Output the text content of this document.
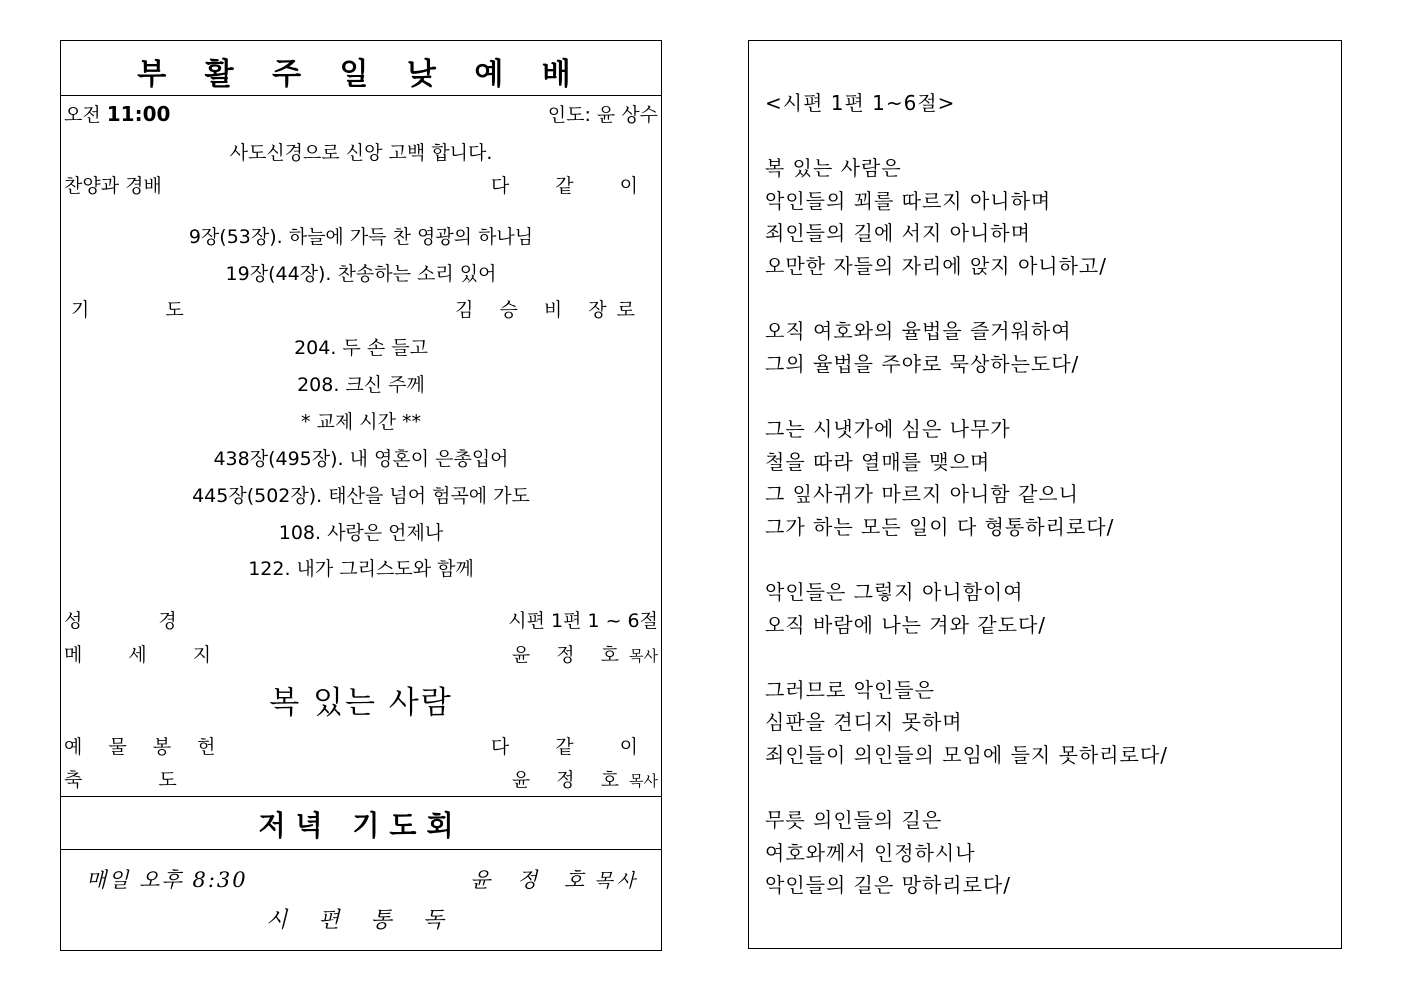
부 활 주 일 낮 예 배
오전 11:00	인도: 윤 상수
사도신경으로 신앙 고백 합니다.
찬양과 경배	다 같 이
9장(53장). 하늘에 가득 찬 영광의 하나님
19장(44장). 찬송하는 소리 있어
기 도	김 승 비 장로
204. 두 손 들고
208. 크신 주께
* 교제 시간 **
438장(495장). 내 영혼이 은총입어
445장(502장). 태산을 넘어 험곡에 가도
108. 사랑은 언제나
122. 내가 그리스도와 함께
성 경	시편 1편 1 ~ 6절
메 세 지	윤 정 호목사
복 있는 사람
예 물 봉 헌	다 같 이
축 도	윤 정 호목사
저녁 기도회
매일 오후 8:30	윤 정 호목사
시 편 통 독
<시편 1편 1~6절>
복 있는 사람은
악인들의 꾀를 따르지 아니하며
죄인들의 길에 서지 아니하며
오만한 자들의 자리에 앉지 아니하고/
오직 여호와의 율법을 즐거워하여
그의 율법을 주야로 묵상하는도다/
그는 시냇가에 심은 나무가
철을 따라 열매를 맺으며
그 잎사귀가 마르지 아니함 같으니
그가 하는 모든 일이 다 형통하리로다/
악인들은 그렇지 아니함이여
오직 바람에 나는 겨와 같도다/
그러므로 악인들은
심판을 견디지 못하며
죄인들이 의인들의 모임에 들지 못하리로다/
무릇 의인들의 길은
여호와께서 인정하시나
악인들의 길은 망하리로다/
